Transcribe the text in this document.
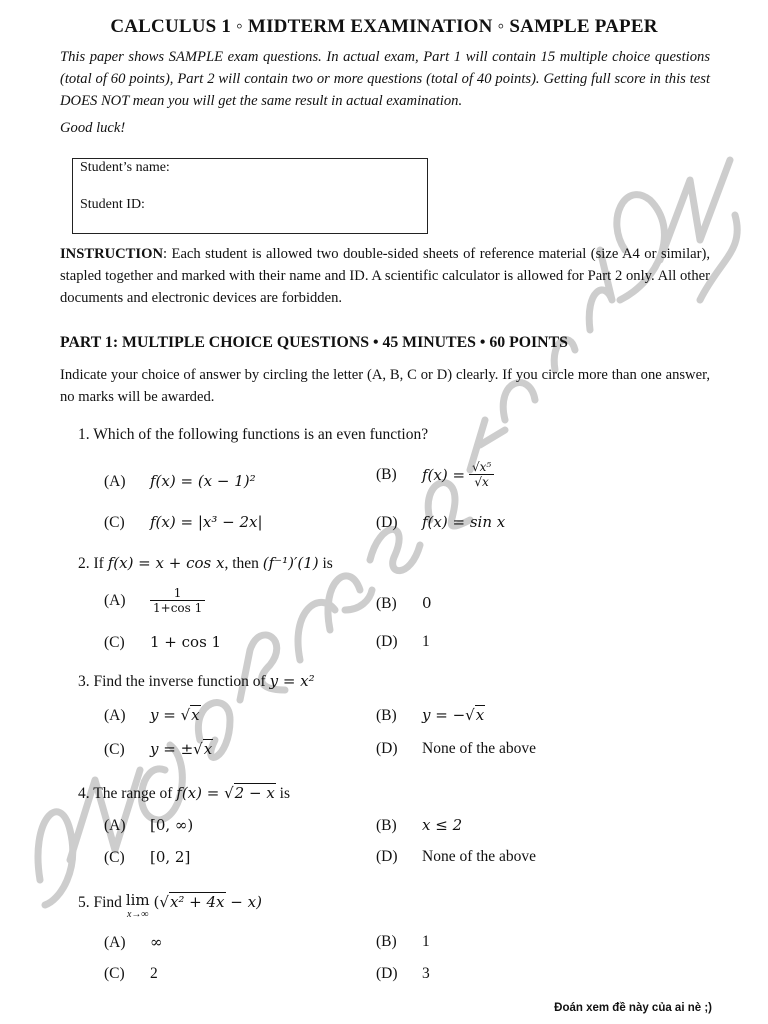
CALCULUS 1 ◦ MIDTERM EXAMINATION ◦ SAMPLE PAPER
This paper shows SAMPLE exam questions. In actual exam, Part 1 will contain 15 multiple choice questions (total of 60 points), Part 2 will contain two or more questions (total of 40 points). Getting full score in this test DOES NOT mean you will get the same result in actual examination.
Good luck!
Student’s name:
Student ID:
INSTRUCTION: Each student is allowed two double-sided sheets of reference material (size A4 or similar), stapled together and marked with their name and ID. A scientific calculator is allowed for Part 2 only. All other documents and electronic devices are forbidden.
PART 1: MULTIPLE CHOICE QUESTIONS • 45 MINUTES • 60 POINTS
Indicate your choice of answer by circling the letter (A, B, C or D) clearly. If you circle more than one answer, no marks will be awarded.
1. Which of the following functions is an even function?
(A) f(x) = (x − 1)²	(B) $f(x) = \frac{\text{√x⁵}}{√x}$
(C) f(x) = |x³ − 2x|	(D) f(x) = sin x
2. If f(x) = x + cos x, then (f⁻¹)′(1) is
$(A) \frac{1}{1+\cos 1}$	(B) 0
(C) 1 + cos 1	(D) 1
3. Find the inverse function of y = x²
(A) y = √x	(B) y = −√x
(C) y = ±√x	(D) None of the above
4. The range of f(x) = √2 − x is
(A) [0, ∞)	(B) x ≤ 2
(C) [0, 2]	(D) None of the above
5. Find lim
x→∞
(√x² + 4x − x)
(A) ∞	(B) 1
(C) 2	(D) 3
Đoán xem đề này của ai nè ;)
